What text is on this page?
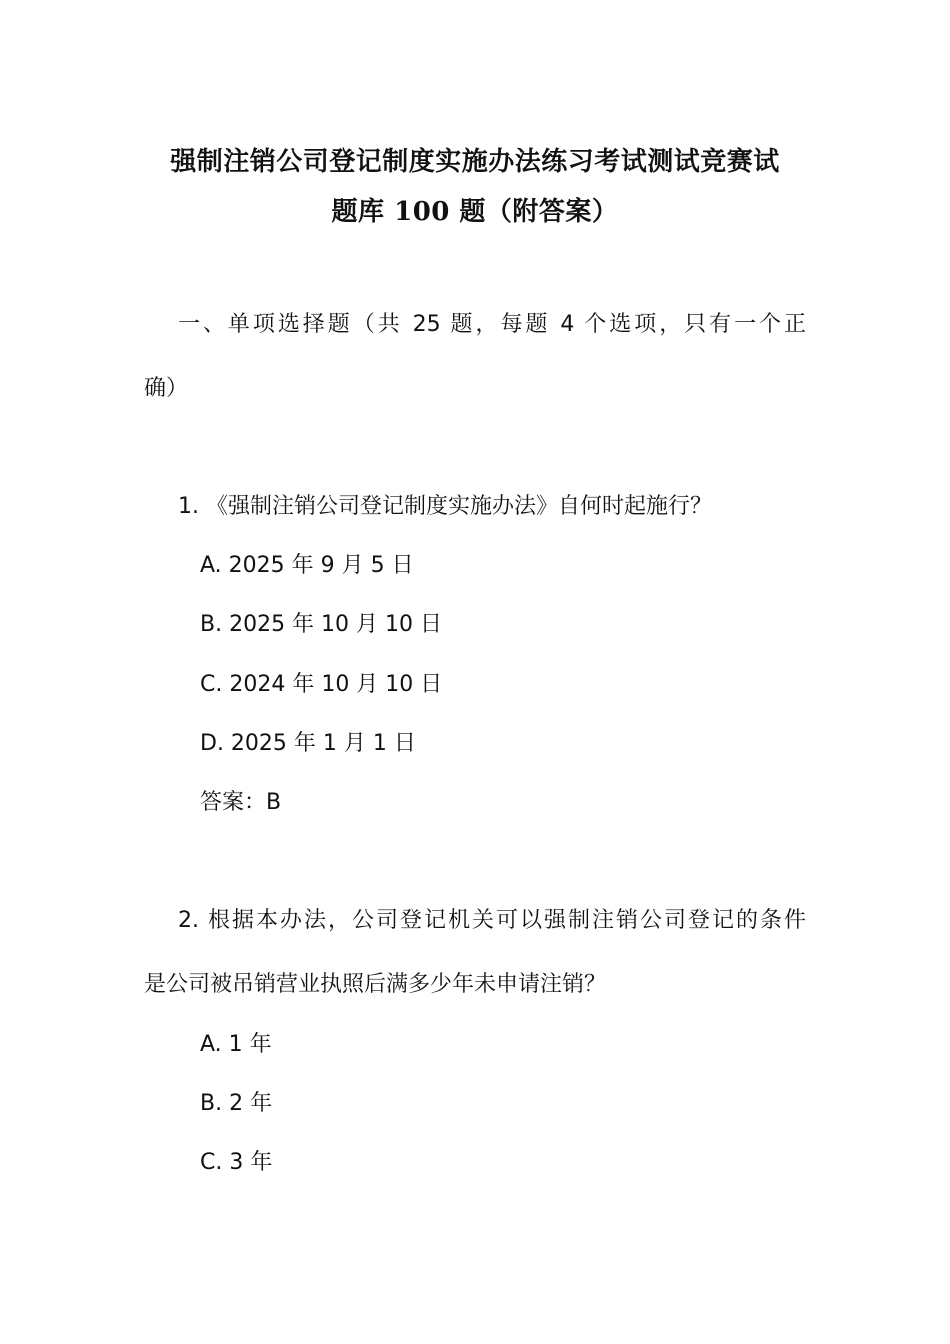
强制注销公司登记制度实施办法练习考试测试竞赛试
题库 100 题（附答案）
一、单项选择题（共 25 题，每题 4 个选项，只有一个正
确）
1. 《强制注销公司登记制度实施办法》自何时起施行？
A. 2025 年 9 月 5 日
B. 2025 年 10 月 10 日
C. 2024 年 10 月 10 日
D. 2025 年 1 月 1 日
答案：B
2. 根据本办法，公司登记机关可以强制注销公司登记的条件
是公司被吊销营业执照后满多少年未申请注销？
A. 1 年
B. 2 年
C. 3 年
